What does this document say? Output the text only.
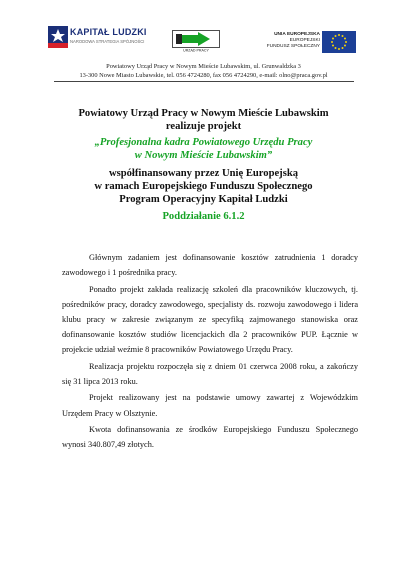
KAPITAŁ LUDZKI
NARODOWA STRATEGIA SPÓJNOŚCI
URZĄD PRACY
UNIA EUROPEJSKA
EUROPEJSKI
FUNDUSZ SPOŁECZNY
Powiatowy Urząd Pracy w Nowym Mieście Lubawskim, ul. Grunwaldzka 3
13-300 Nowe Miasto Lubawskie, tel. 056 4724280, fax 056 4724290, e-mail: olno@praca.gov.pl
Powiatowy Urząd Pracy w Nowym Mieście Lubawskim
realizuje projekt
„Profesjonalna kadra Powiatowego Urzędu Pracy
w Nowym Mieście Lubawskim”
współfinansowany przez Unię Europejską
w ramach Europejskiego Funduszu Społecznego
Program Operacyjny Kapitał Ludzki
Poddziałanie 6.1.2

Głównym zadaniem jest dofinansowanie kosztów zatrudnienia 1 doradcy zawodowego i 1 pośrednika pracy.

Ponadto projekt zakłada realizację szkoleń dla pracowników kluczowych, tj. pośredników pracy, doradcy zawodowego, specjalisty ds. rozwoju zawodowego i lidera klubu pracy w zakresie związanym ze specyfiką zajmowanego stanowiska oraz dofinansowanie kosztów studiów licencjackich dla 2 pracowników PUP. Łącznie w projekcie udział weźmie 8 pracowników Powiatowego Urzędu Pracy.

Realizacja projektu rozpoczęła się z dniem 01 czerwca 2008 roku, a zakończy się 31 lipca 2013 roku.

Projekt realizowany jest na podstawie umowy zawartej z Wojewódzkim Urzędem Pracy w Olsztynie.

Kwota dofinansowania ze środków Europejskiego Funduszu Społecznego wynosi 340.807,49 złotych.
